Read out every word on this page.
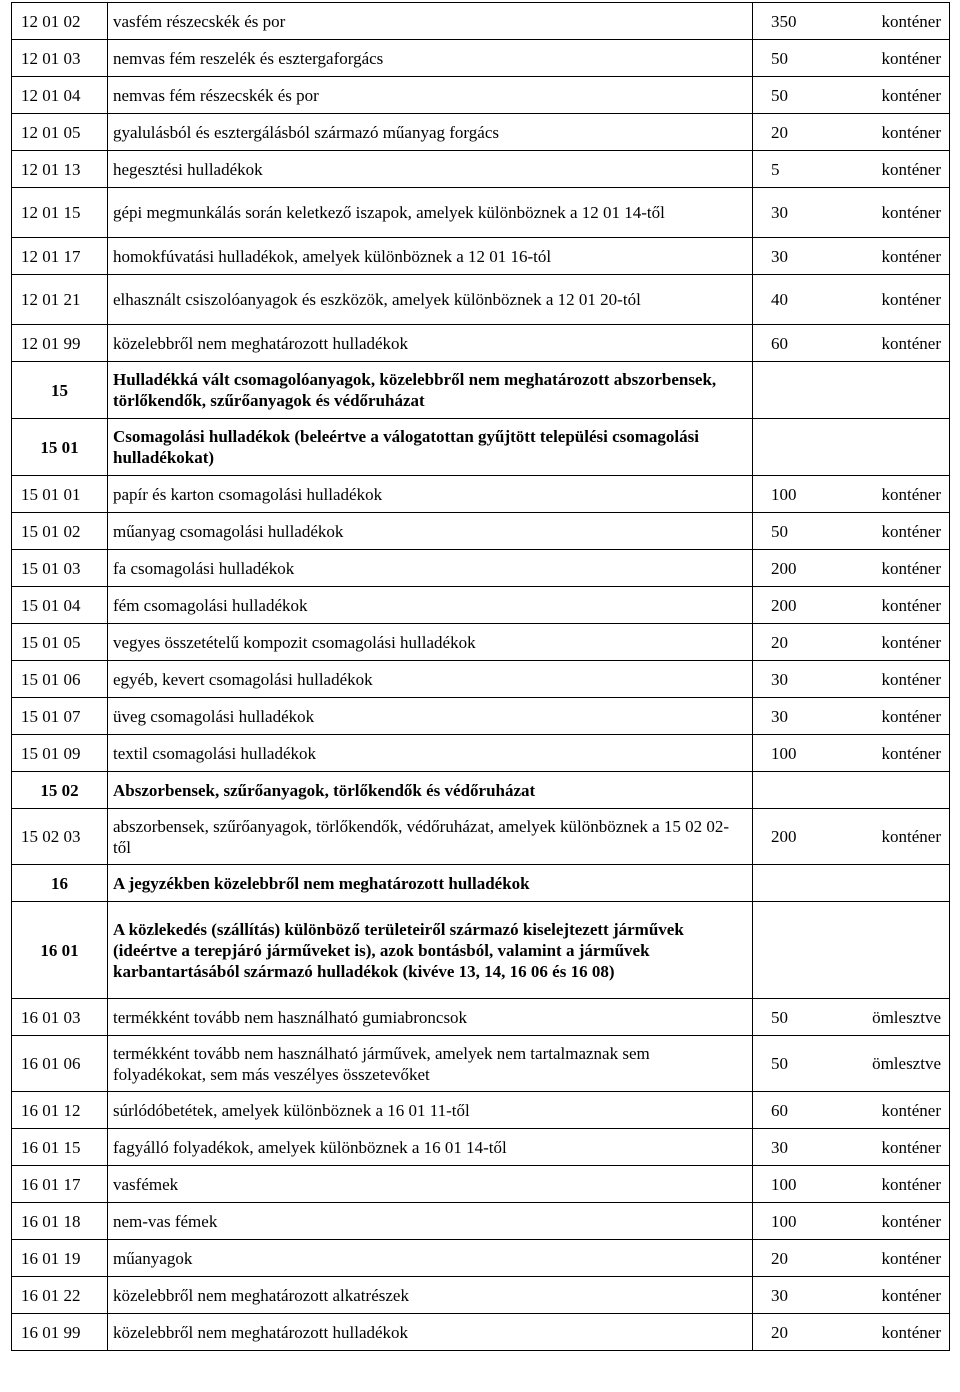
12 01 02	vasfém részecskék és por	350 konténer

12 01 03	nemvas fém reszelék és esztergaforgács	50 konténer

12 01 04	nemvas fém részecskék és por	50 konténer

12 01 05	gyalulásból és esztergálásból származó műanyag forgács	20 konténer

12 01 13	hegesztési hulladékok	5 konténer

12 01 15	gépi megmunkálás során keletkező iszapok, amelyek különböznek a 12 01 14-től	30 konténer

12 01 17	homokfúvatási hulladékok, amelyek különböznek a 12 01 16-tól	30 konténer

12 01 21	elhasznált csiszolóanyagok és eszközök, amelyek különböznek a 12 01 20-tól	40 konténer

12 01 99	közelebbről nem meghatározott hulladékok	60 konténer

15	Hulladékká vált csomagolóanyagok, közelebbről nem meghatározott abszorbensek, törlőkendők, szűrőanyagok és védőruházat	
15 01	Csomagolási hulladékok (beleértve a válogatottan gyűjtött települési csomagolási hulladékokat)	
15 01 01	papír és karton csomagolási hulladékok	100 konténer

15 01 02	műanyag csomagolási hulladékok	50 konténer

15 01 03	fa csomagolási hulladékok	200 konténer

15 01 04	fém csomagolási hulladékok	200 konténer

15 01 05	vegyes összetételű kompozit csomagolási hulladékok	20 konténer

15 01 06	egyéb, kevert csomagolási hulladékok	30 konténer

15 01 07	üveg csomagolási hulladékok	30 konténer

15 01 09	textil csomagolási hulladékok	100 konténer

15 02	Abszorbensek, szűrőanyagok, törlőkendők és védőruházat	
15 02 03	abszorbensek, szűrőanyagok, törlőkendők, védőruházat, amelyek különböznek a 15 02 02-től	200 konténer

16	A jegyzékben közelebbről nem meghatározott hulladékok	
16 01	A közlekedés (szállítás) különböző területeiről származó kiselejtezett járművek (ideértve a terepjáró járműveket is), azok bontásból, valamint a járművek karbantartásából származó hulladékok (kivéve 13, 14, 16 06 és 16 08)	
16 01 03	termékként tovább nem használható gumiabroncsok	50 ömlesztve

16 01 06	termékként tovább nem használható járművek, amelyek nem tartalmaznak sem folyadékokat, sem más veszélyes összetevőket	50 ömlesztve

16 01 12	súrlódóbetétek, amelyek különböznek a 16 01 11-től	60 konténer

16 01 15	fagyálló folyadékok, amelyek különböznek a 16 01 14-től	30 konténer

16 01 17	vasfémek	100 konténer

16 01 18	nem-vas fémek	100 konténer

16 01 19	műanyagok	20 konténer

16 01 22	közelebbről nem meghatározott alkatrészek	30 konténer

16 01 99	közelebbről nem meghatározott hulladékok	20 konténer
